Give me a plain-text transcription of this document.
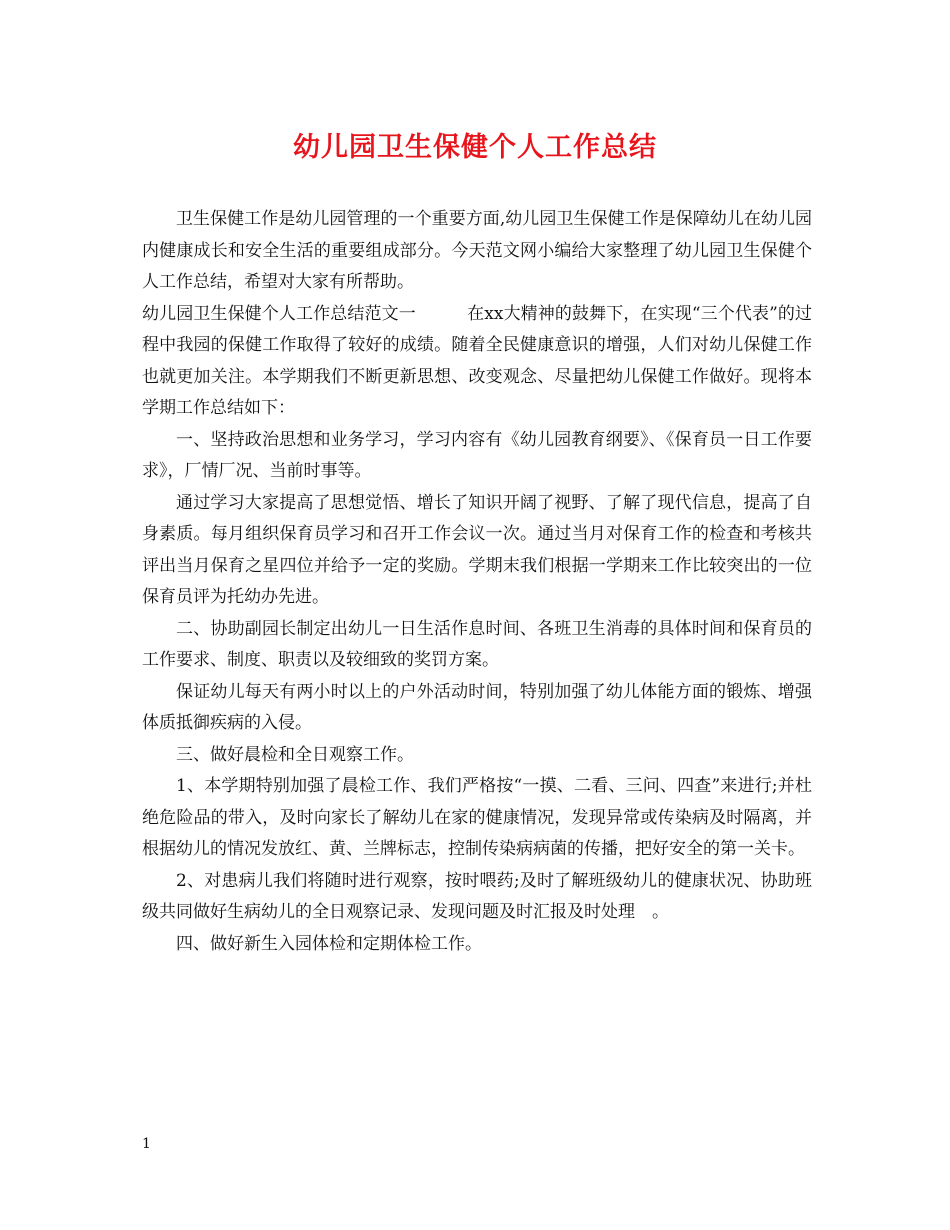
幼儿园卫生保健个人工作总结

卫生保健工作是幼儿园管理的一个重要方面,幼儿园卫生保健工作是保障幼儿在幼儿园内健康成长和安全生活的重要组成部分。今天范文网小编给大家整理了幼儿园卫生保健个人工作总结，希望对大家有所帮助。

幼儿园卫生保健个人工作总结范文一　　　在xx大精神的鼓舞下，在实现“三个代表”的过程中我园的保健工作取得了较好的成绩。随着全民健康意识的增强，人们对幼儿保健工作也就更加关注。本学期我们不断更新思想、改变观念、尽量把幼儿保健工作做好。现将本学期工作总结如下：

一、坚持政治思想和业务学习，学习内容有《幼儿园教育纲要》、《保育员一日工作要求》，厂情厂况、当前时事等。

通过学习大家提高了思想觉悟、增长了知识开阔了视野、了解了现代信息，提高了自身素质。每月组织保育员学习和召开工作会议一次。通过当月对保育工作的检查和考核共评出当月保育之星四位并给予一定的奖励。学期末我们根据一学期来工作比较突出的一位保育员评为托幼办先进。

二、协助副园长制定出幼儿一日生活作息时间、各班卫生消毒的具体时间和保育员的工作要求、制度、职责以及较细致的奖罚方案。

保证幼儿每天有两小时以上的户外活动时间，特别加强了幼儿体能方面的锻炼、增强体质抵御疾病的入侵。

三、做好晨检和全日观察工作。

1、本学期特别加强了晨检工作、我们严格按“一摸、二看、三问、四查”来进行;并杜绝危险品的带入，及时向家长了解幼儿在家的健康情况，发现异常或传染病及时隔离，并根据幼儿的情况发放红、黄、兰牌标志，控制传染病病菌的传播，把好安全的第一关卡。

2、对患病儿我们将随时进行观察，按时喂药;及时了解班级幼儿的健康状况、协助班级共同做好生病幼儿的全日观察记录、发现问题及时汇报及时处理　。

四、做好新生入园体检和定期体检工作。

1
